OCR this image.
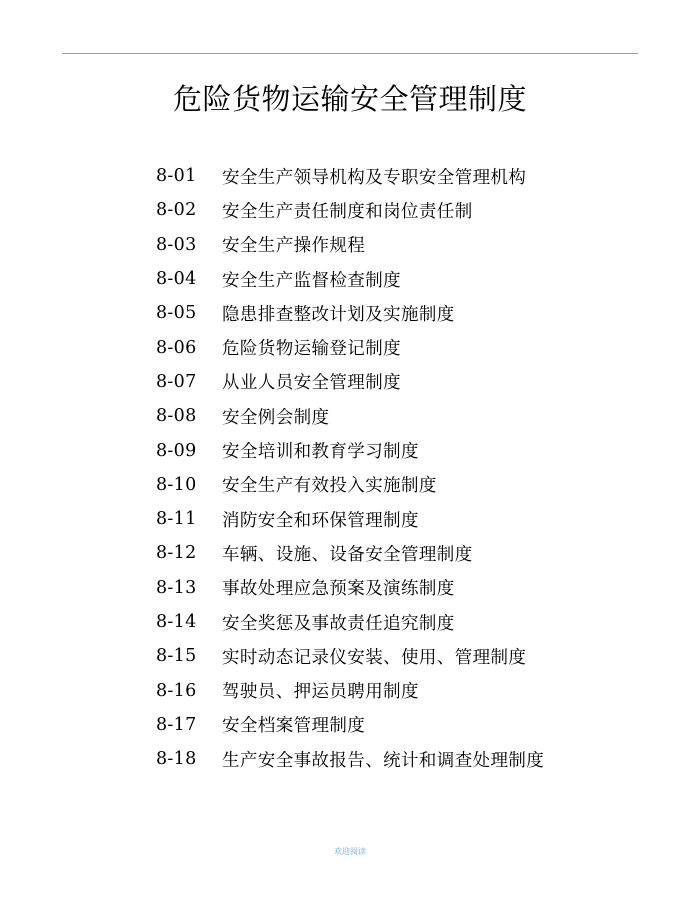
危险货物运输安全管理制度
8-01	安全生产领导机构及专职安全管理机构
8-02	安全生产责任制度和岗位责任制
8-03	安全生产操作规程
8-04	安全生产监督检查制度
8-05	隐患排查整改计划及实施制度
8-06	危险货物运输登记制度
8-07	从业人员安全管理制度
8-08	安全例会制度
8-09	安全培训和教育学习制度
8-10	安全生产有效投入实施制度
8-11	消防安全和环保管理制度
8-12	车辆、设施、设备安全管理制度
8-13	事故处理应急预案及演练制度
8-14	安全奖惩及事故责任追究制度
8-15	实时动态记录仪安装、使用、管理制度
8-16	驾驶员、押运员聘用制度
8-17	安全档案管理制度
8-18	生产安全事故报告、统计和调查处理制度
欢迎阅读
